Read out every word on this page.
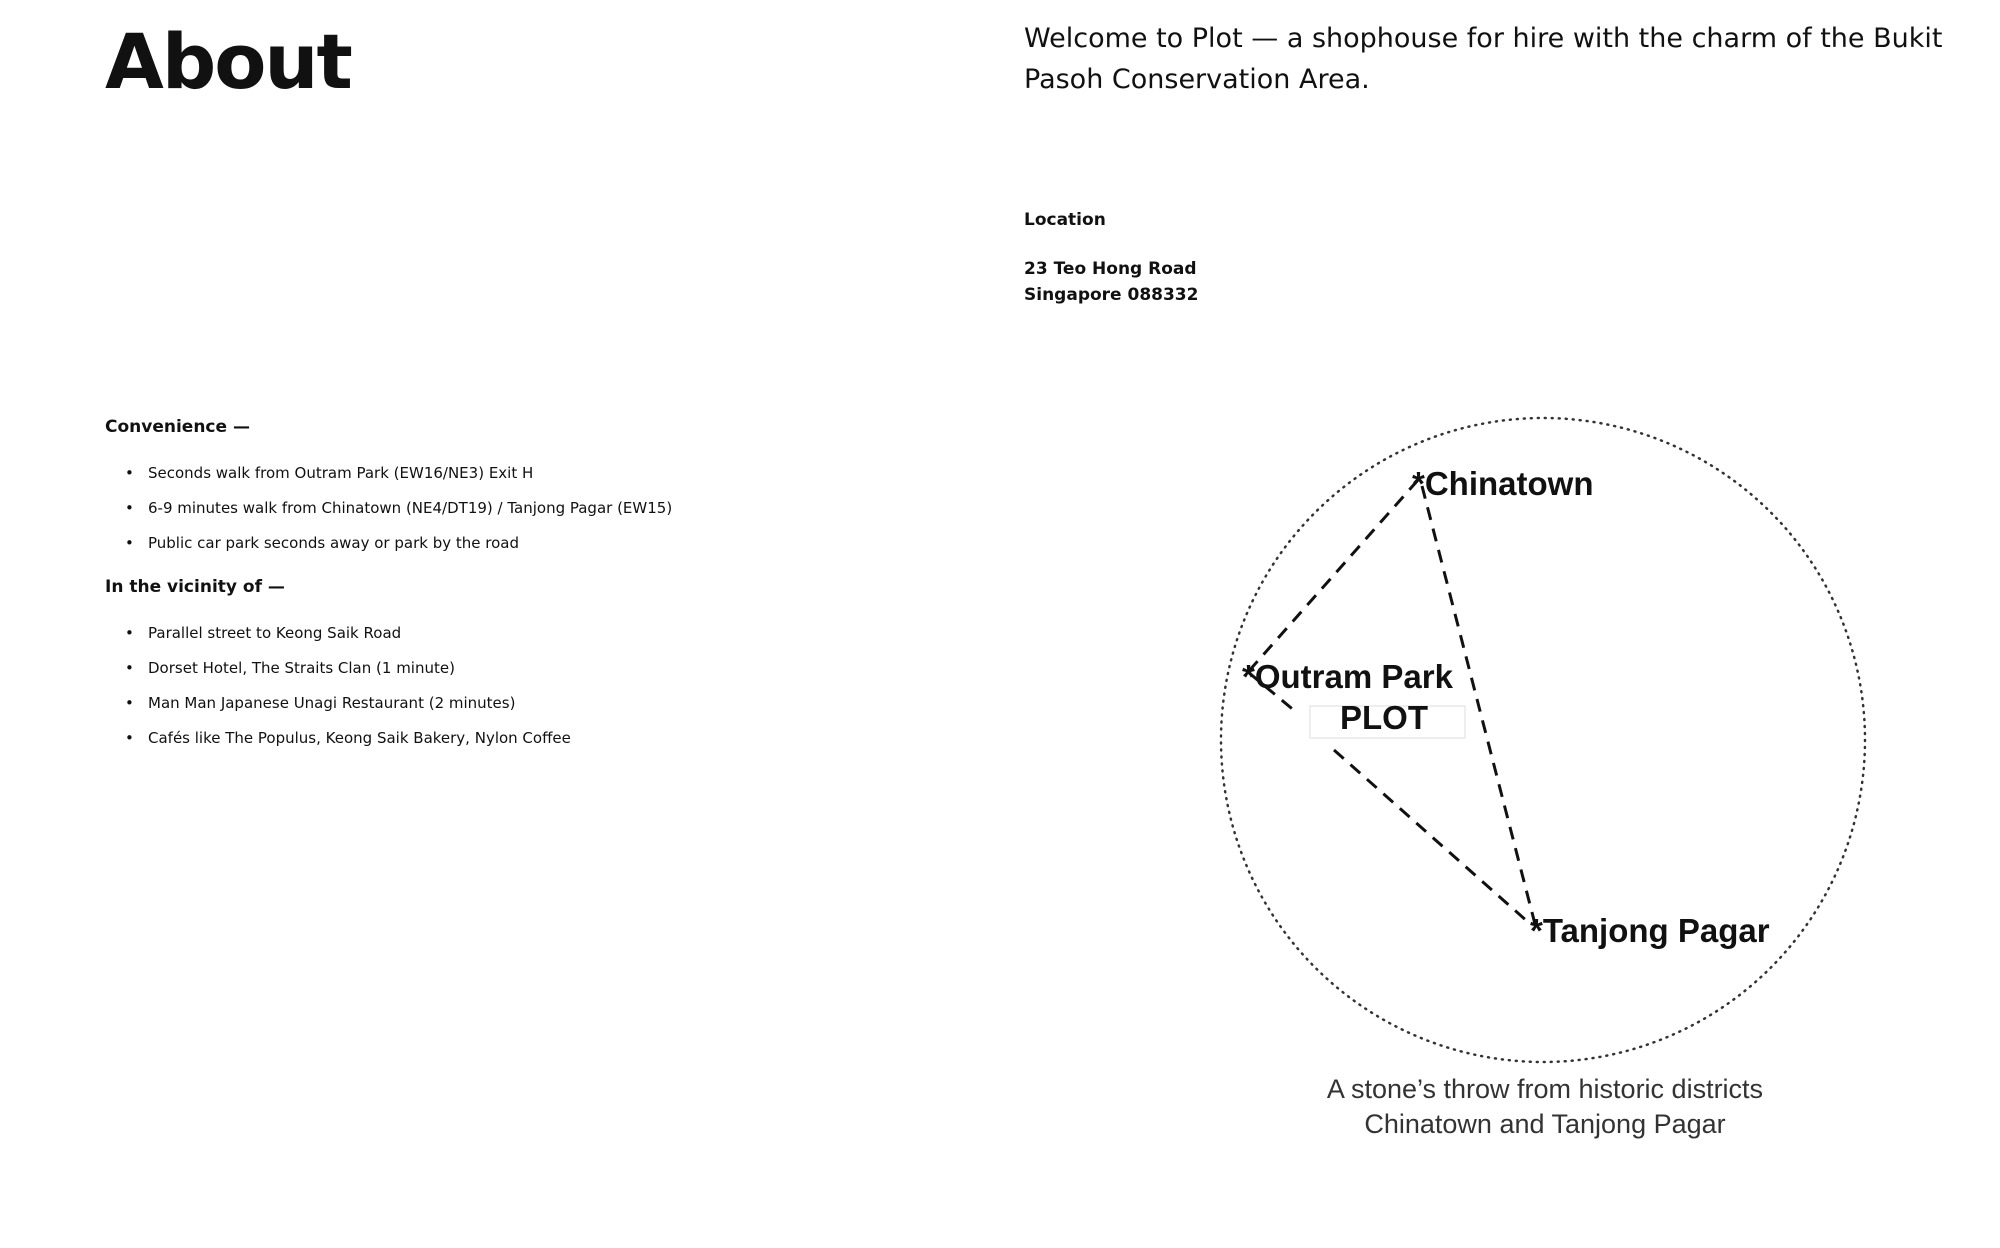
About	Welcome to Plot — a shophouse for hire with the charm of the Bukit Pasoh Conservation Area.

Location

23 Teo Hong Road
Singapore 088332

Convenience —

• Seconds walk from Outram Park (EW16/NE3) Exit H
• 6-9 minutes walk from Chinatown (NE4/DT19) / Tanjong Pagar (EW15)
• Public car park seconds away or park by the road

In the vicinity of —

• Parallel street to Keong Saik Road
• Dorset Hotel, The Straits Clan (1 minute)
• Man Man Japanese Unagi Restaurant (2 minutes)
• Cafés like The Populus, Keong Saik Bakery, Nylon Coffee
*Chinatown
*Outram Park
PLOT
*Tanjong Pagar

A stone’s throw from historic districts
Chinatown and Tanjong Pagar
